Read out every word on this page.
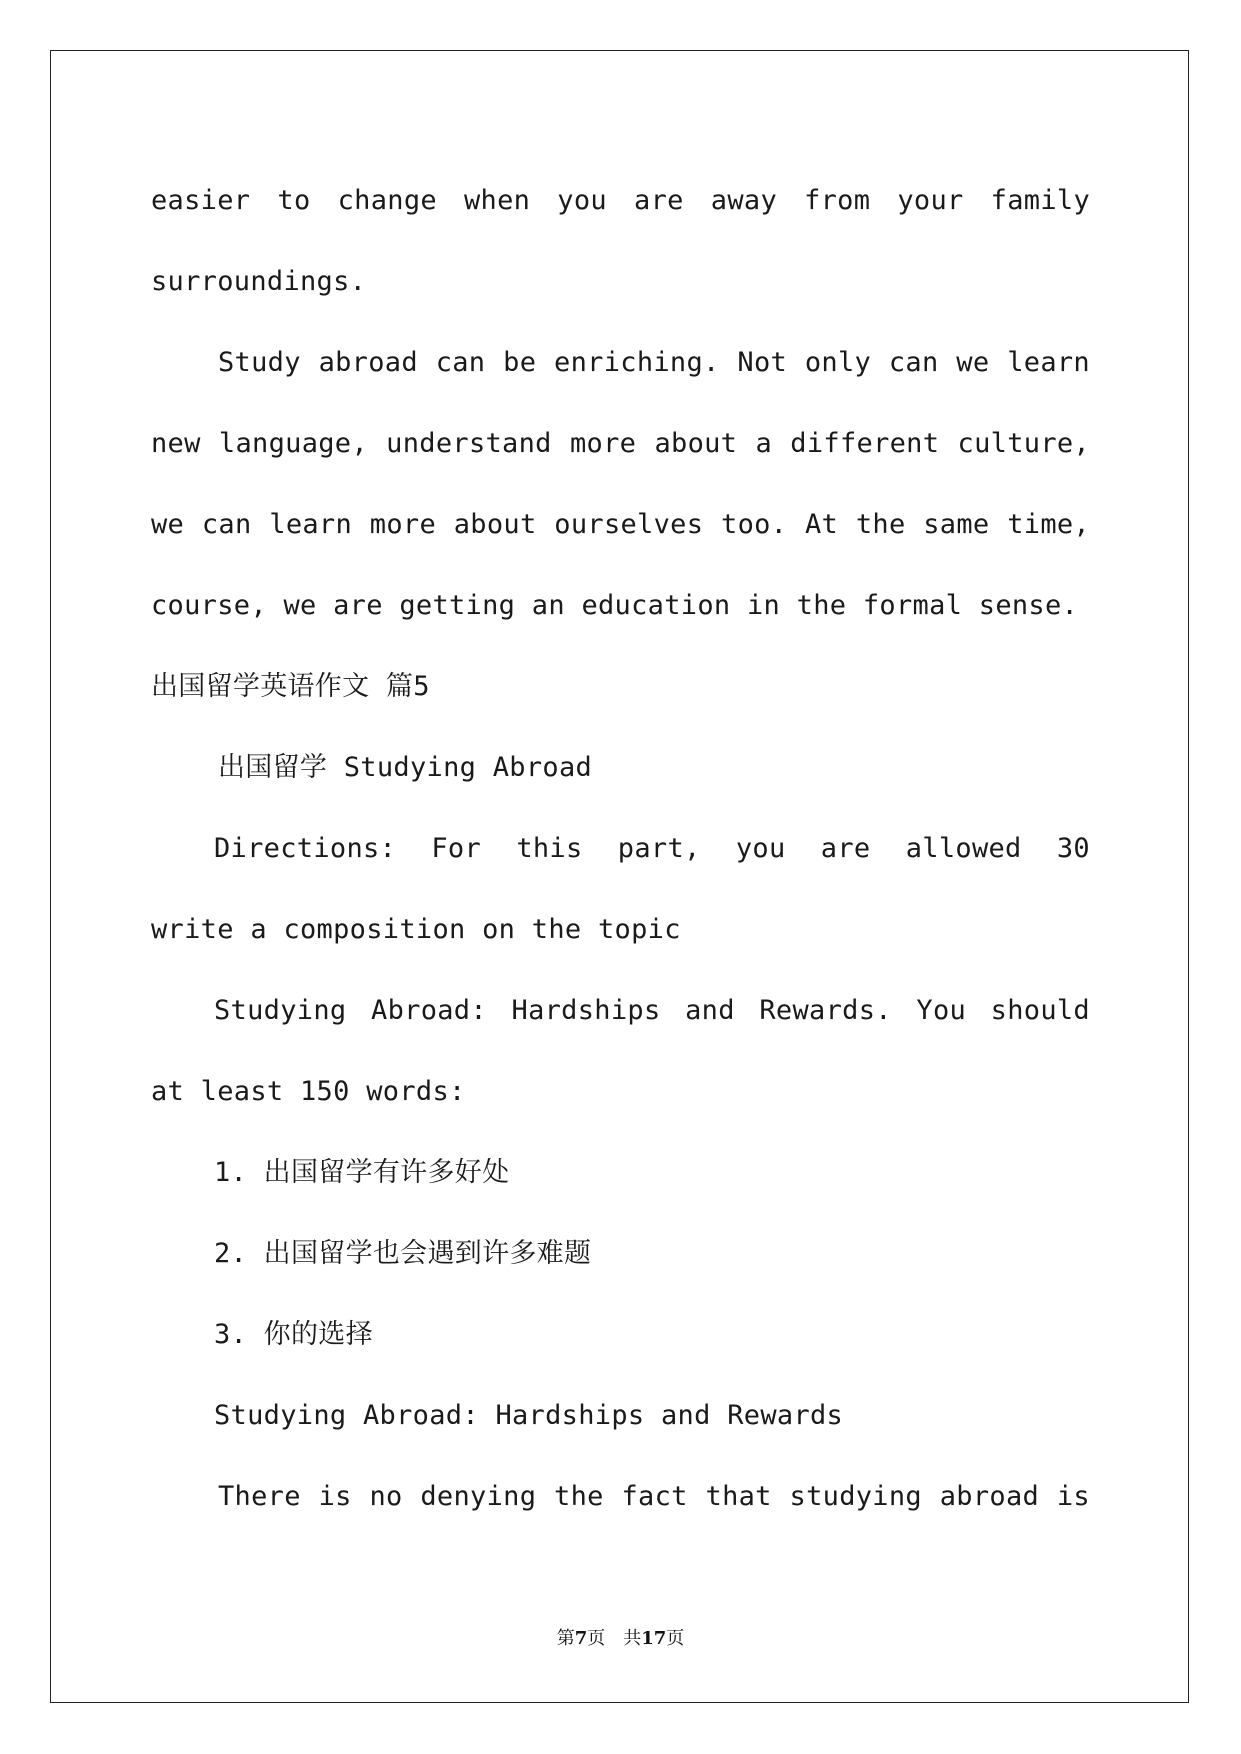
easier to change when you are away from your family
surroundings.
Study abroad can be enriching. Not only can we learn
new language, understand more about a different culture,
we can learn more about ourselves too. At the same time,
course, we are getting an education in the formal sense.
出国留学英语作文 篇5
出国留学 Studying Abroad
Directions: For this part, you are allowed 30
write a composition on the topic
Studying Abroad: Hardships and Rewards. You should
at least 150 words:
1. 出国留学有许多好处
2. 出国留学也会遇到许多难题
3. 你的选择
Studying Abroad: Hardships and Rewards
There is no denying the fact that studying abroad is
第7页 共17页
